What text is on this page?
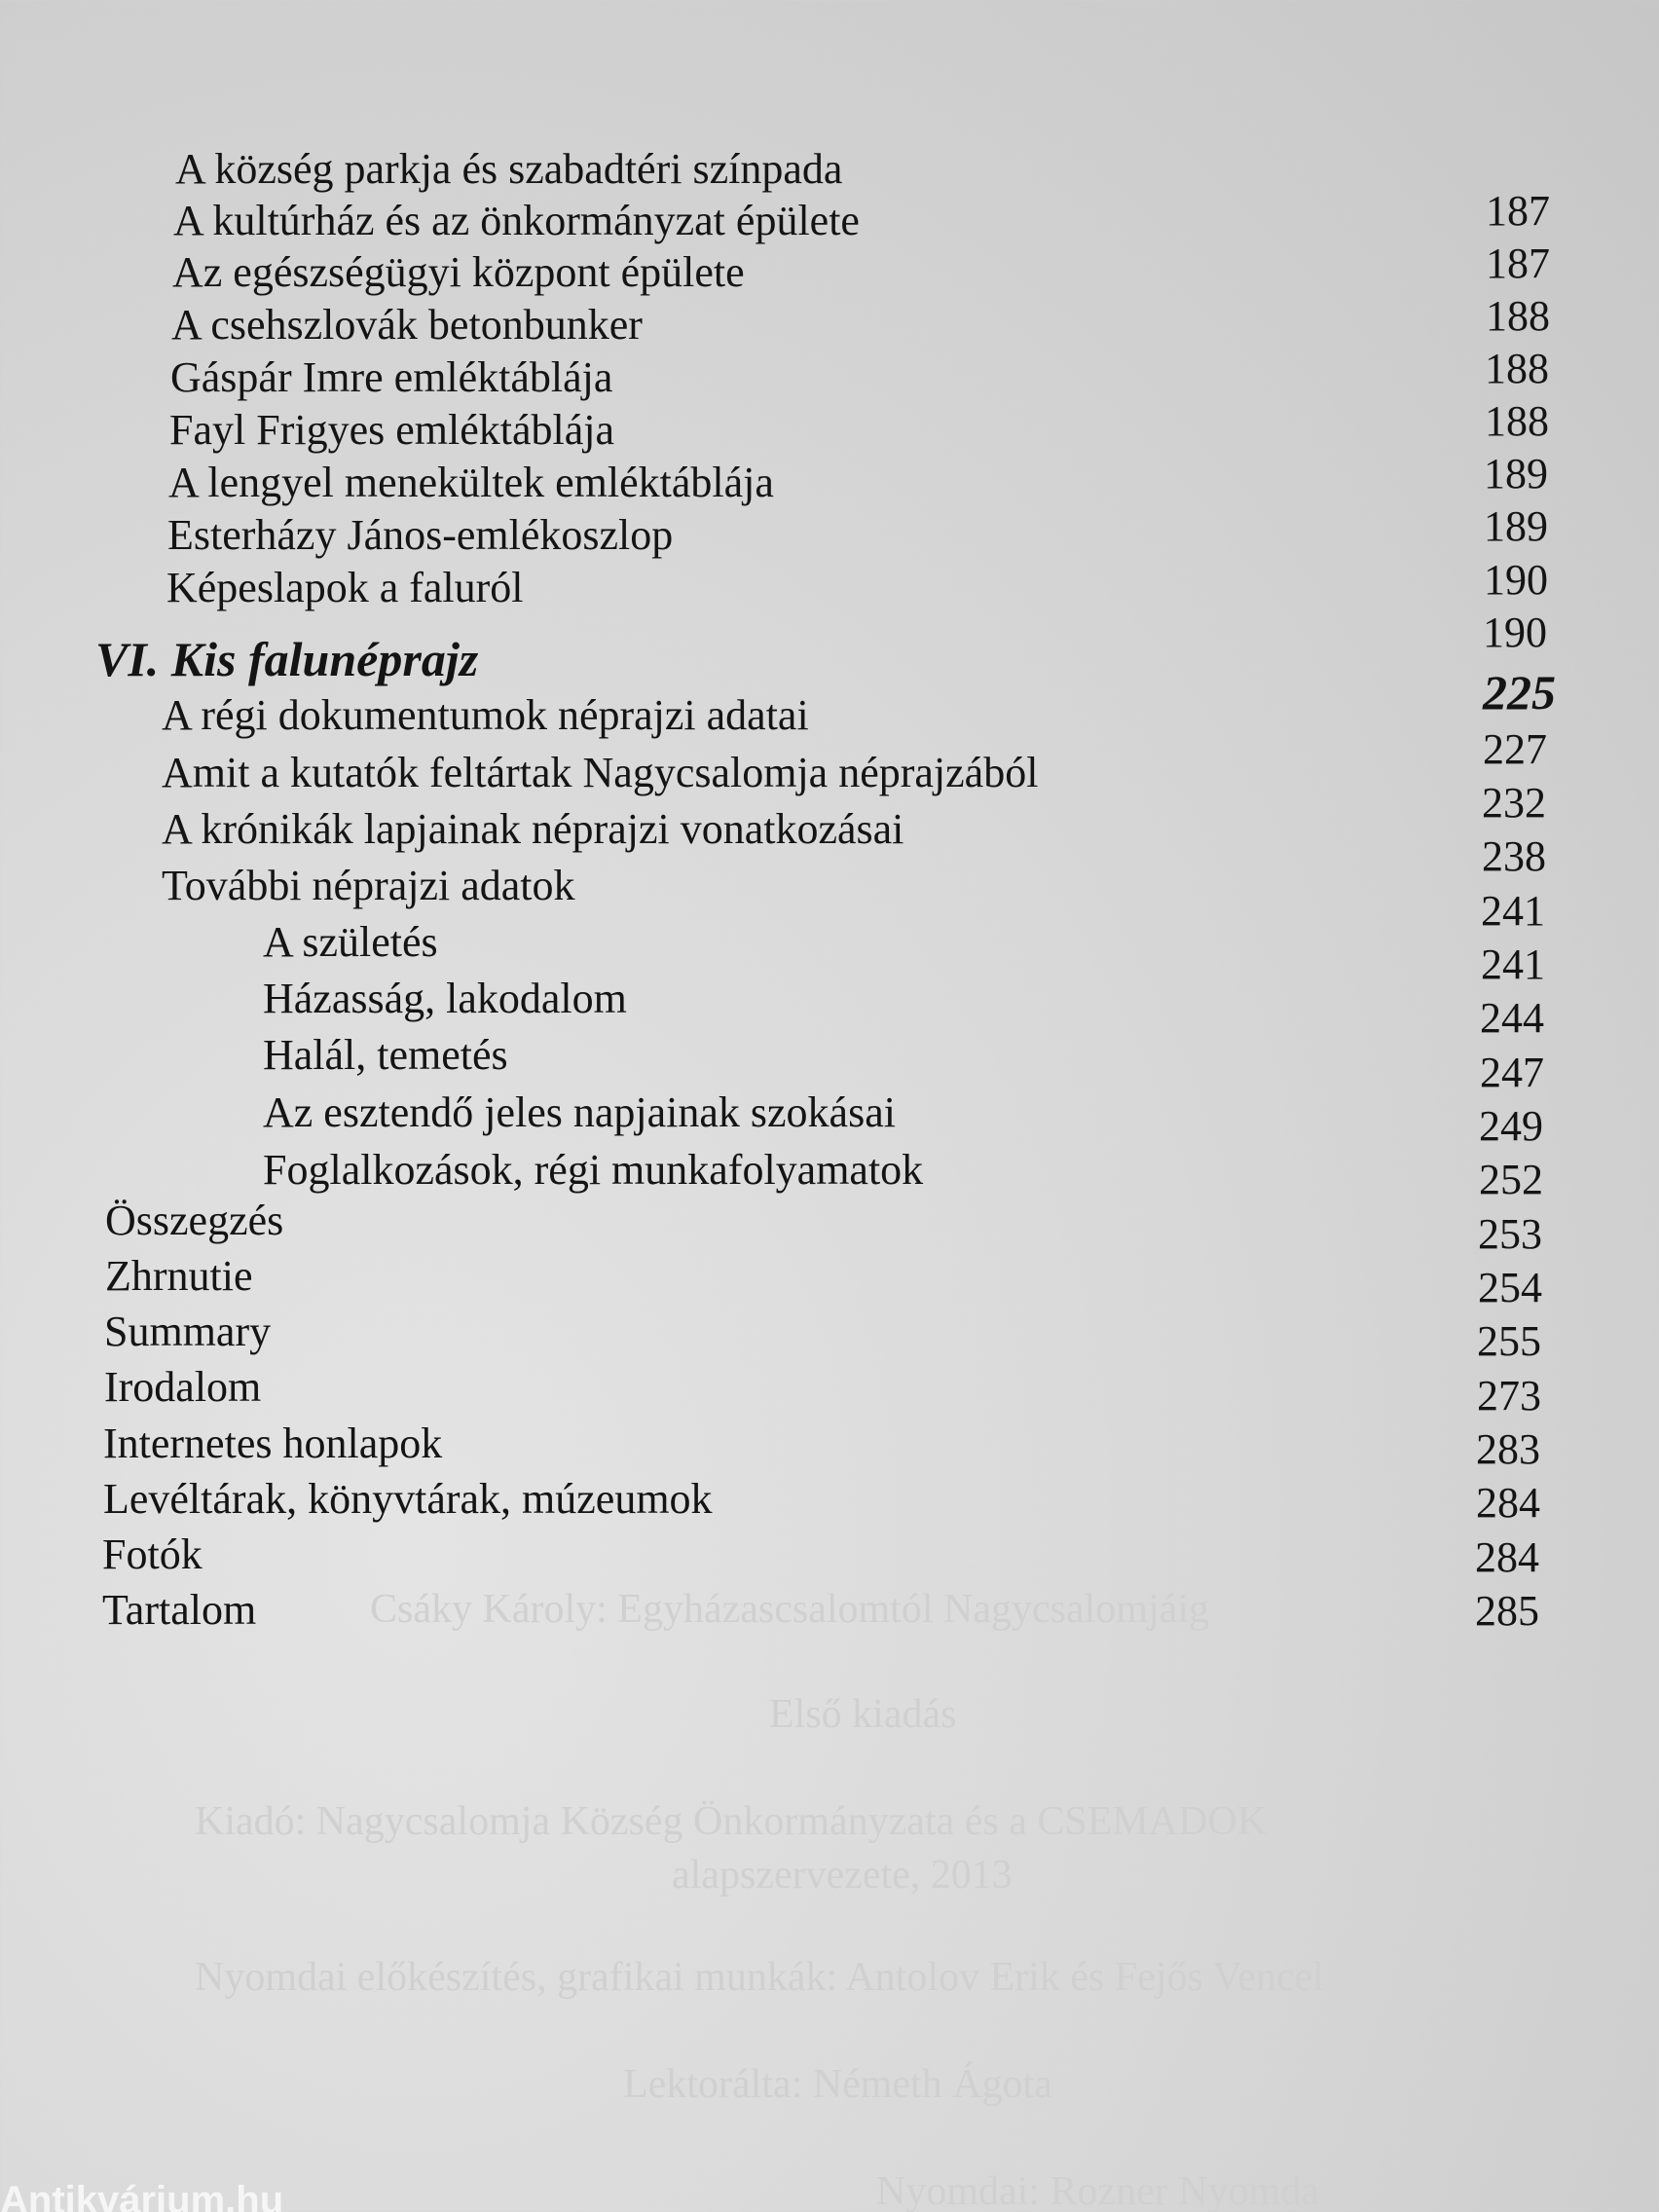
Csáky Károly: Egyházascsalomtól Nagycsalomjáig
Első kiadás
Kiadó: Nagycsalomja Község Önkormányzata és a CSEMADOK
alapszervezete, 2013
Nyomdai előkészítés, grafikai munkák: Antolov Erik és Fejős Vencel
Lektorálta: Németh Ágota
Nyomdai: Rozner Nyomda
A község parkja és szabadtéri színpada
A kultúrház és az önkormányzat épülete
Az egészségügyi központ épülete
A csehszlovák betonbunker
Gáspár Imre emléktáblája
Fayl Frigyes emléktáblája
A lengyel menekültek emléktáblája
Esterházy János-emlékoszlop
Képeslapok a faluról
VI. Kis falunéprajz
A régi dokumentumok néprajzi adatai
Amit a kutatók feltártak Nagycsalomja néprajzából
A krónikák lapjainak néprajzi vonatkozásai
További néprajzi adatok
A születés
Házasság, lakodalom
Halál, temetés
Az esztendő jeles napjainak szokásai
Foglalkozások, régi munkafolyamatok
Összegzés
Zhrnutie
Summary
Irodalom
Internetes honlapok
Levéltárak, könyvtárak, múzeumok
Fotók
Tartalom
187
187
188
188
188
189
189
190
190
225
227
232
238
241
241
244
247
249
252
253
254
255
273
283
284
284
285
Antikvárium.hu
